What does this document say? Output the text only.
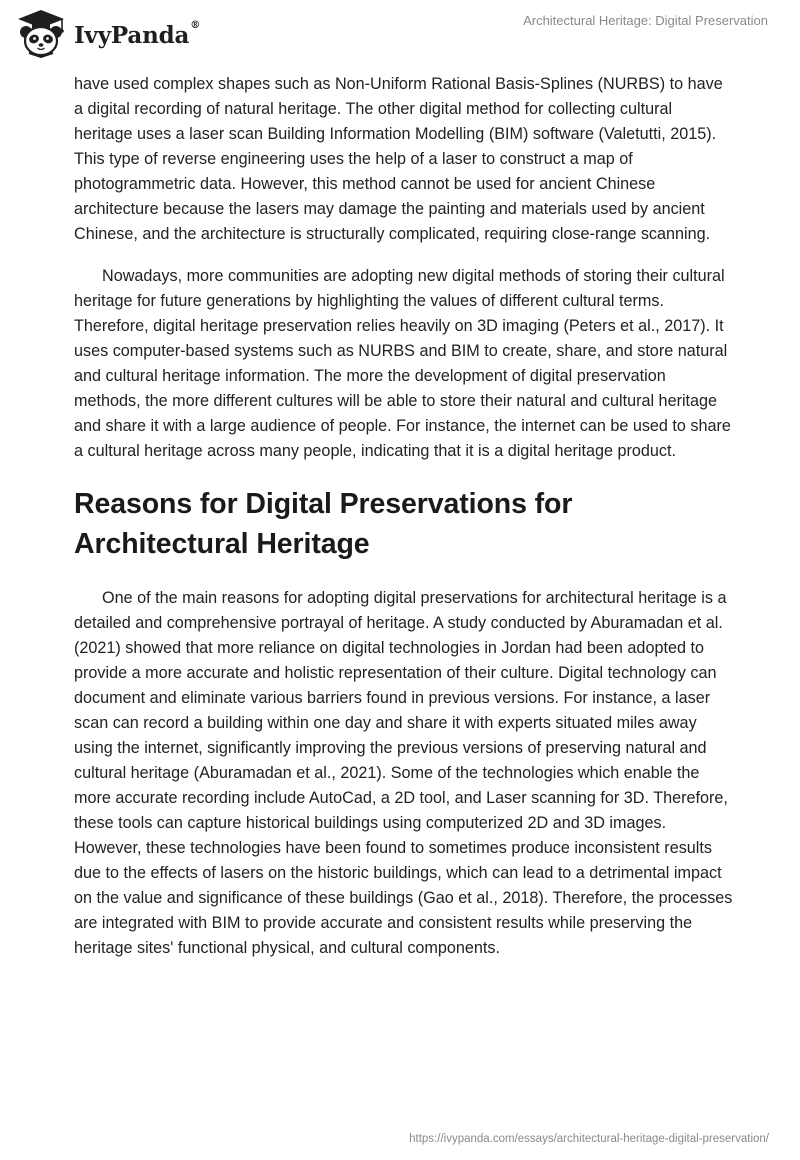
IvyPanda®	Architectural Heritage: Digital Preservation

have used complex shapes such as Non-Uniform Rational Basis-Splines (NURBS) to have a digital recording of natural heritage. The other digital method for collecting cultural heritage uses a laser scan Building Information Modelling (BIM) software (Valetutti, 2015). This type of reverse engineering uses the help of a laser to construct a map of photogrammetric data. However, this method cannot be used for ancient Chinese architecture because the lasers may damage the painting and materials used by ancient Chinese, and the architecture is structurally complicated, requiring close-range scanning.

Nowadays, more communities are adopting new digital methods of storing their cultural heritage for future generations by highlighting the values of different cultural terms. Therefore, digital heritage preservation relies heavily on 3D imaging (Peters et al., 2017). It uses computer-based systems such as NURBS and BIM to create, share, and store natural and cultural heritage information. The more the development of digital preservation methods, the more different cultures will be able to store their natural and cultural heritage and share it with a large audience of people. For instance, the internet can be used to share a cultural heritage across many people, indicating that it is a digital heritage product.

Reasons for Digital Preservations for Architectural Heritage

One of the main reasons for adopting digital preservations for architectural heritage is a detailed and comprehensive portrayal of heritage. A study conducted by Aburamadan et al. (2021) showed that more reliance on digital technologies in Jordan had been adopted to provide a more accurate and holistic representation of their culture. Digital technology can document and eliminate various barriers found in previous versions. For instance, a laser scan can record a building within one day and share it with experts situated miles away using the internet, significantly improving the previous versions of preserving natural and cultural heritage (Aburamadan et al., 2021). Some of the technologies which enable the more accurate recording include AutoCad, a 2D tool, and Laser scanning for 3D. Therefore, these tools can capture historical buildings using computerized 2D and 3D images. However, these technologies have been found to sometimes produce inconsistent results due to the effects of lasers on the historic buildings, which can lead to a detrimental impact on the value and significance of these buildings (Gao et al., 2018). Therefore, the processes are integrated with BIM to provide accurate and consistent results while preserving the heritage sites' functional physical, and cultural components.

https://ivypanda.com/essays/architectural-heritage-digital-preservation/
